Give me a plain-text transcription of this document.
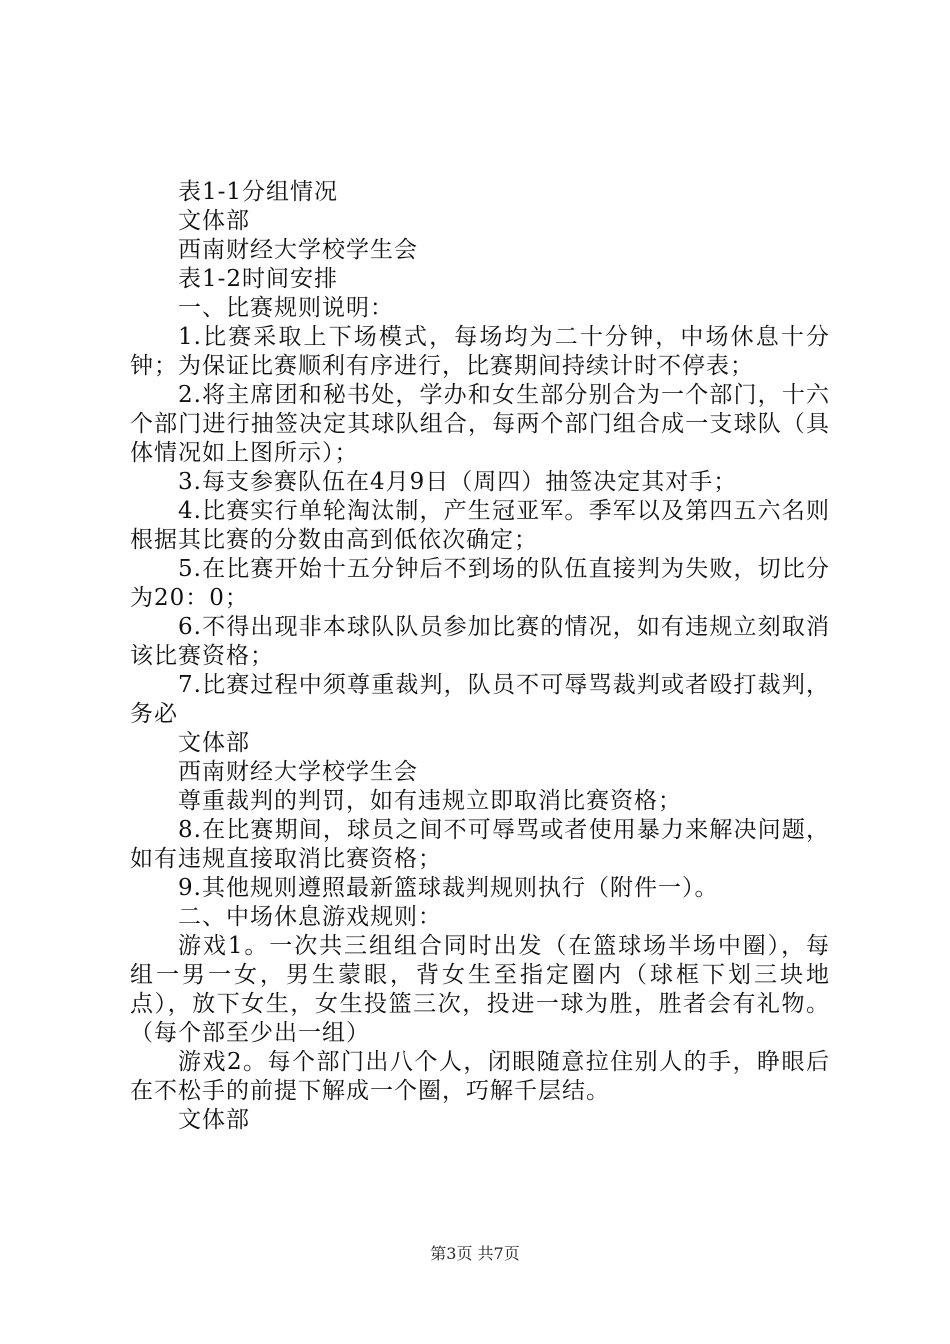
表1-1分组情况

文体部

西南财经大学校学生会

表1-2时间安排

一、比赛规则说明：

1.比赛采取上下场模式，每场均为二十分钟，中场休息十分钟；为保证比赛顺利有序进行，比赛期间持续计时不停表；

2.将主席团和秘书处，学办和女生部分别合为一个部门，十六个部门进行抽签决定其球队组合，每两个部门组合成一支球队（具体情况如上图所示）；

3.每支参赛队伍在4月9日（周四）抽签决定其对手；

4.比赛实行单轮淘汰制，产生冠亚军。季军以及第四五六名则根据其比赛的分数由高到低依次确定；

5.在比赛开始十五分钟后不到场的队伍直接判为失败，切比分为20：0；

6.不得出现非本球队队员参加比赛的情况，如有违规立刻取消该比赛资格；

7.比赛过程中须尊重裁判，队员不可辱骂裁判或者殴打裁判，务必

文体部

西南财经大学校学生会

尊重裁判的判罚，如有违规立即取消比赛资格；

8.在比赛期间，球员之间不可辱骂或者使用暴力来解决问题，如有违规直接取消比赛资格；

9.其他规则遵照最新篮球裁判规则执行（附件一）。

二、中场休息游戏规则：

游戏1。一次共三组组合同时出发（在篮球场半场中圈），每组一男一女，男生蒙眼，背女生至指定圈内（球框下划三块地点），放下女生，女生投篮三次，投进一球为胜，胜者会有礼物。（每个部至少出一组）

游戏2。每个部门出八个人，闭眼随意拉住别人的手，睁眼后在不松手的前提下解成一个圈，巧解千层结。

文体部

第3页 共7页
